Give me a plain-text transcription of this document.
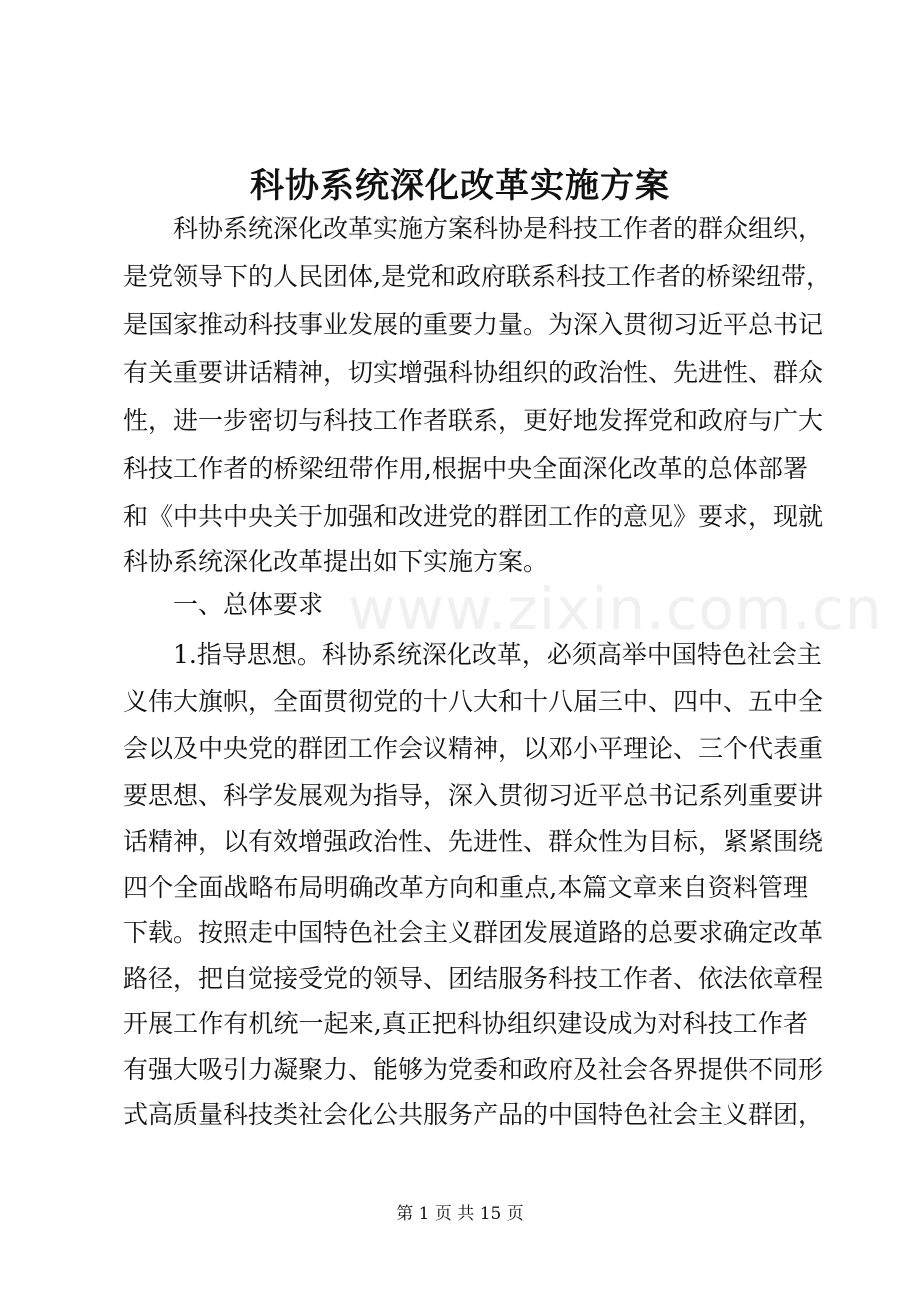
www.zixin.com.cn
科协系统深化改革实施方案
　　科协系统深化改革实施方案科协是科技工作者的群众组织，
是党领导下的人民团体,是党和政府联系科技工作者的桥梁纽带，
是国家推动科技事业发展的重要力量。为深入贯彻习近平总书记
有关重要讲话精神，切实增强科协组织的政治性、先进性、群众
性，进一步密切与科技工作者联系，更好地发挥党和政府与广大
科技工作者的桥梁纽带作用,根据中央全面深化改革的总体部署
和《中共中央关于加强和改进党的群团工作的意见》要求，现就
科协系统深化改革提出如下实施方案。
　　一、总体要求
　　1.指导思想。科协系统深化改革，必须高举中国特色社会主
义伟大旗帜，全面贯彻党的十八大和十八届三中、四中、五中全
会以及中央党的群团工作会议精神，以邓小平理论、三个代表重
要思想、科学发展观为指导，深入贯彻习近平总书记系列重要讲
话精神，以有效增强政治性、先进性、群众性为目标，紧紧围绕
四个全面战略布局明确改革方向和重点,本篇文章来自资料管理
下载。按照走中国特色社会主义群团发展道路的总要求确定改革
路径，把自觉接受党的领导、团结服务科技工作者、依法依章程
开展工作有机统一起来,真正把科协组织建设成为对科技工作者
有强大吸引力凝聚力、能够为党委和政府及社会各界提供不同形
式高质量科技类社会化公共服务产品的中国特色社会主义群团，
第 1 页 共 15 页
